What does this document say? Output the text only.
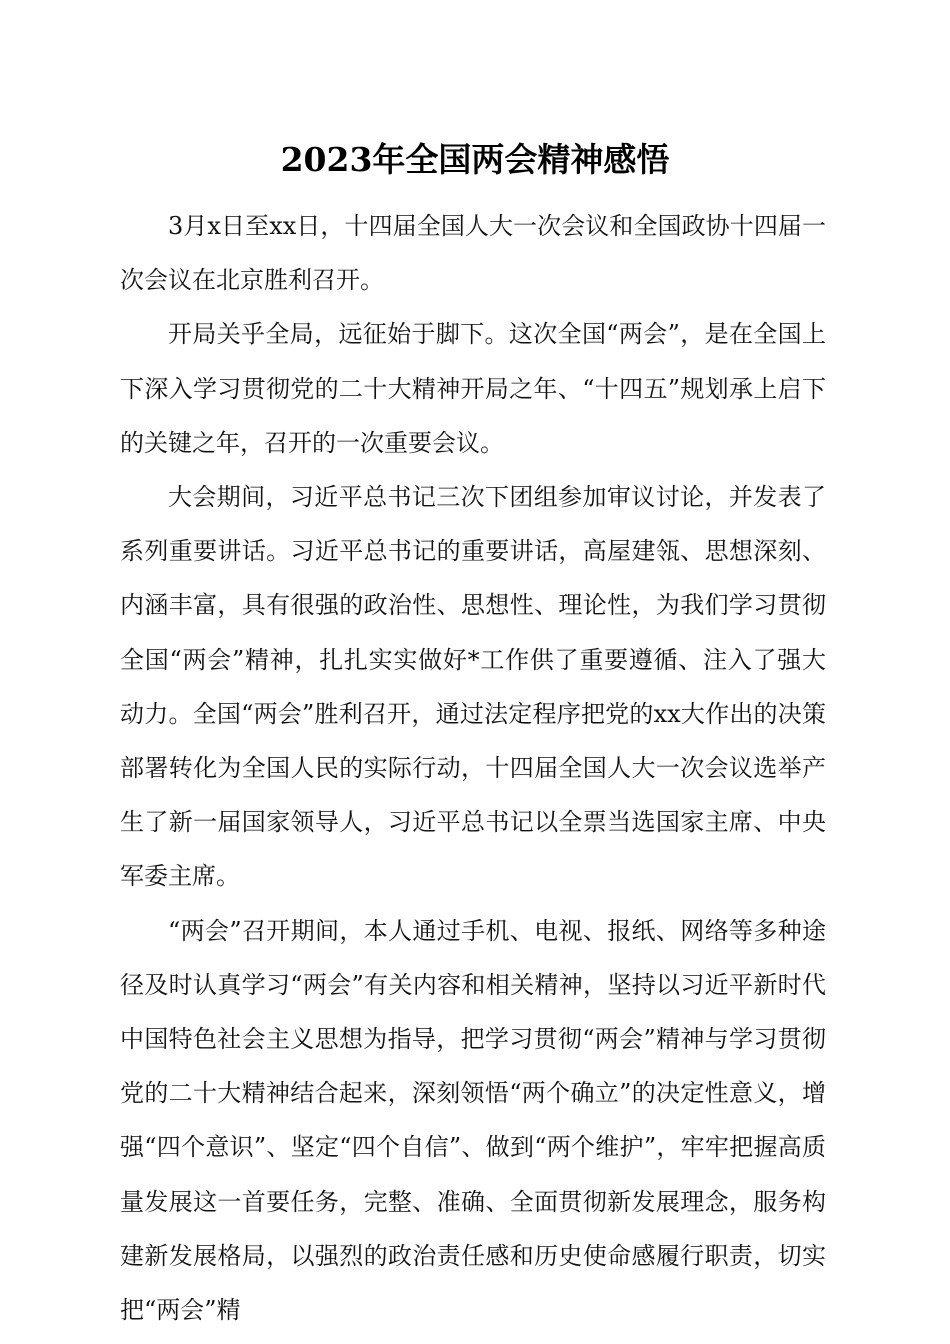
2023年全国两会精神感悟

3月x日至xx日，十四届全国人大一次会议和全国政协十四届一次会议在北京胜利召开。

开局关乎全局，远征始于脚下。这次全国“两会”，是在全国上下深入学习贯彻党的二十大精神开局之年、“十四五”规划承上启下的关键之年，召开的一次重要会议。

大会期间，习近平总书记三次下团组参加审议讨论，并发表了系列重要讲话。习近平总书记的重要讲话，高屋建瓴、思想深刻、内涵丰富，具有很强的政治性、思想性、理论性，为我们学习贯彻全国“两会”精神，扎扎实实做好*工作供了重要遵循、注入了强大动力。全国“两会”胜利召开，通过法定程序把党的xx大作出的决策部署转化为全国人民的实际行动，十四届全国人大一次会议选举产生了新一届国家领导人，习近平总书记以全票当选国家主席、中央军委主席。

“两会”召开期间，本人通过手机、电视、报纸、网络等多种途径及时认真学习“两会”有关内容和相关精神，坚持以习近平新时代中国特色社会主义思想为指导，把学习贯彻“两会”精神与学习贯彻党的二十大精神结合起来，深刻领悟“两个确立”的决定性意义，增强“四个意识”、坚定“四个自信”、做到“两个维护”，牢牢把握高质量发展这一首要任务，完整、准确、全面贯彻新发展理念，服务构建新发展格局，以强烈的政治责任感和历史使命感履行职责，切实把“两会”精
